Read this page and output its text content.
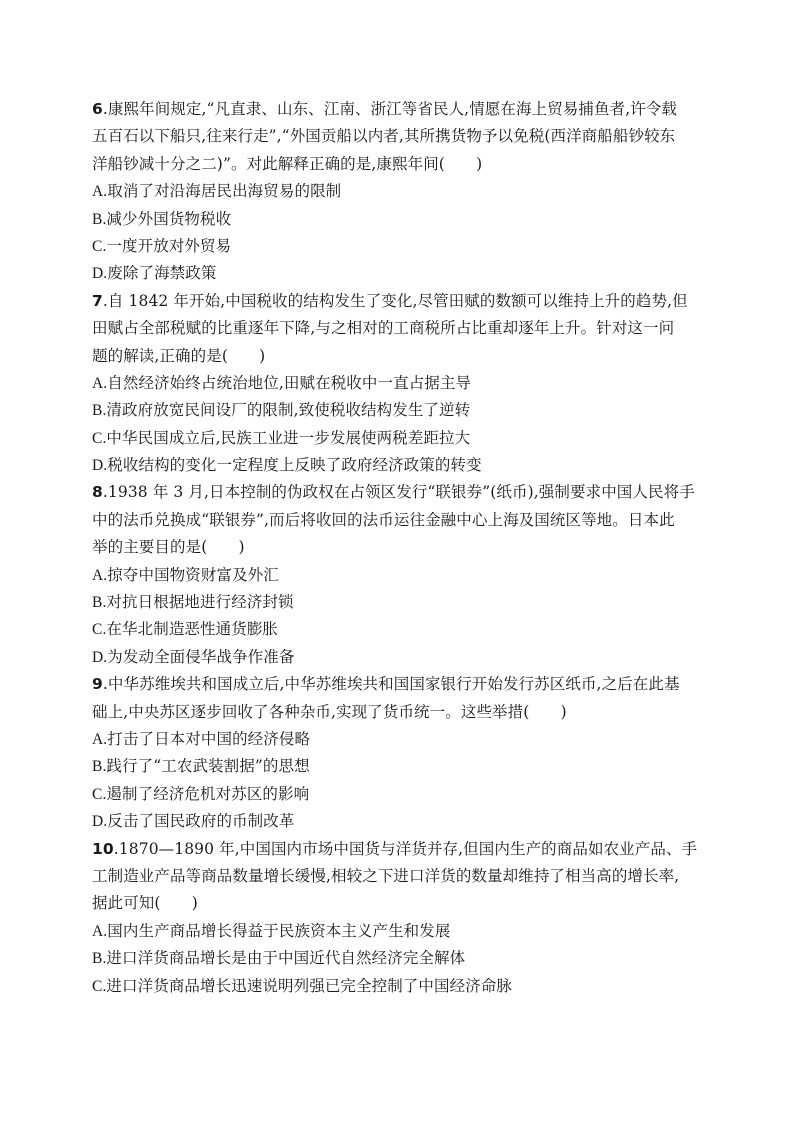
6.康熙年间规定,“凡直隶、山东、江南、浙江等省民人,情愿在海上贸易捕鱼者,许令载
五百石以下船只,往来行走”,“外国贡船以内者,其所携货物予以免税(西洋商船船钞较东
洋船钞减十分之二)”。对此解释正确的是,康熙年间(　　)
A.取消了对沿海居民出海贸易的限制
B.减少外国货物税收
C.一度开放对外贸易
D.废除了海禁政策
7.自 1842 年开始,中国税收的结构发生了变化,尽管田赋的数额可以维持上升的趋势,但
田赋占全部税赋的比重逐年下降,与之相对的工商税所占比重却逐年上升。针对这一问
题的解读,正确的是(　　)
A.自然经济始终占统治地位,田赋在税收中一直占据主导
B.清政府放宽民间设厂的限制,致使税收结构发生了逆转
C.中华民国成立后,民族工业进一步发展使两税差距拉大
D.税收结构的变化一定程度上反映了政府经济政策的转变
8.1938 年 3 月,日本控制的伪政权在占领区发行“联银券”(纸币),强制要求中国人民将手
中的法币兑换成“联银券”,而后将收回的法币运往金融中心上海及国统区等地。日本此
举的主要目的是(　　)
A.掠夺中国物资财富及外汇
B.对抗日根据地进行经济封锁
C.在华北制造恶性通货膨胀
D.为发动全面侵华战争作准备
9.中华苏维埃共和国成立后,中华苏维埃共和国国家银行开始发行苏区纸币,之后在此基
础上,中央苏区逐步回收了各种杂币,实现了货币统一。这些举措(　　)
A.打击了日本对中国的经济侵略
B.践行了“工农武装割据”的思想
C.遏制了经济危机对苏区的影响
D.反击了国民政府的币制改革
10.1870—1890 年,中国国内市场中国货与洋货并存,但国内生产的商品如农业产品、手
工制造业产品等商品数量增长缓慢,相较之下进口洋货的数量却维持了相当高的增长率,
据此可知(　　)
A.国内生产商品增长得益于民族资本主义产生和发展
B.进口洋货商品增长是由于中国近代自然经济完全解体
C.进口洋货商品增长迅速说明列强已完全控制了中国经济命脉
